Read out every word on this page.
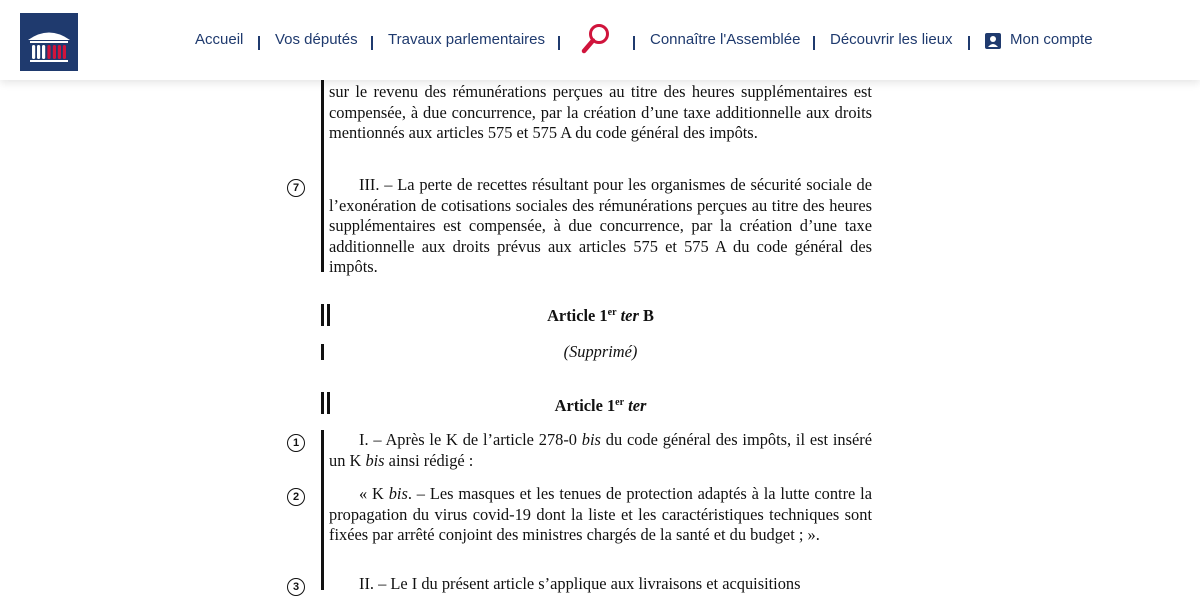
sur le revenu des rémunérations perçues au titre des heures supplémentaires est compensée, à due concurrence, par la création d’une taxe additionnelle aux droits mentionnés aux articles 575 et 575 A du code général des impôts.
7	III. – La perte de recettes résultant pour les organismes de sécurité sociale de l’exonération de cotisations sociales des rémunérations perçues au titre des heures supplémentaires est compensée, à due concurrence, par la création d’une taxe additionnelle aux droits prévus aux articles 575 et 575 A du code général des impôts.
Article 1er ter B
(Supprimé)
Article 1er ter
1	I. – Après le K de l’article 278-0 bis du code général des impôts, il est inséré un K bis ainsi rédigé :
2	« K bis. – Les masques et les tenues de protection adaptés à la lutte contre la propagation du virus covid-19 dont la liste et les caractéristiques techniques sont fixées par arrêté conjoint des ministres chargés de la santé et du budget ; ».
3	II. – Le I du présent article s’applique aux livraisons et acquisitions
Accueil Vos députés Travaux parlementaires	Connaître l'Assemblée Découvrir les lieux	Mon compte
